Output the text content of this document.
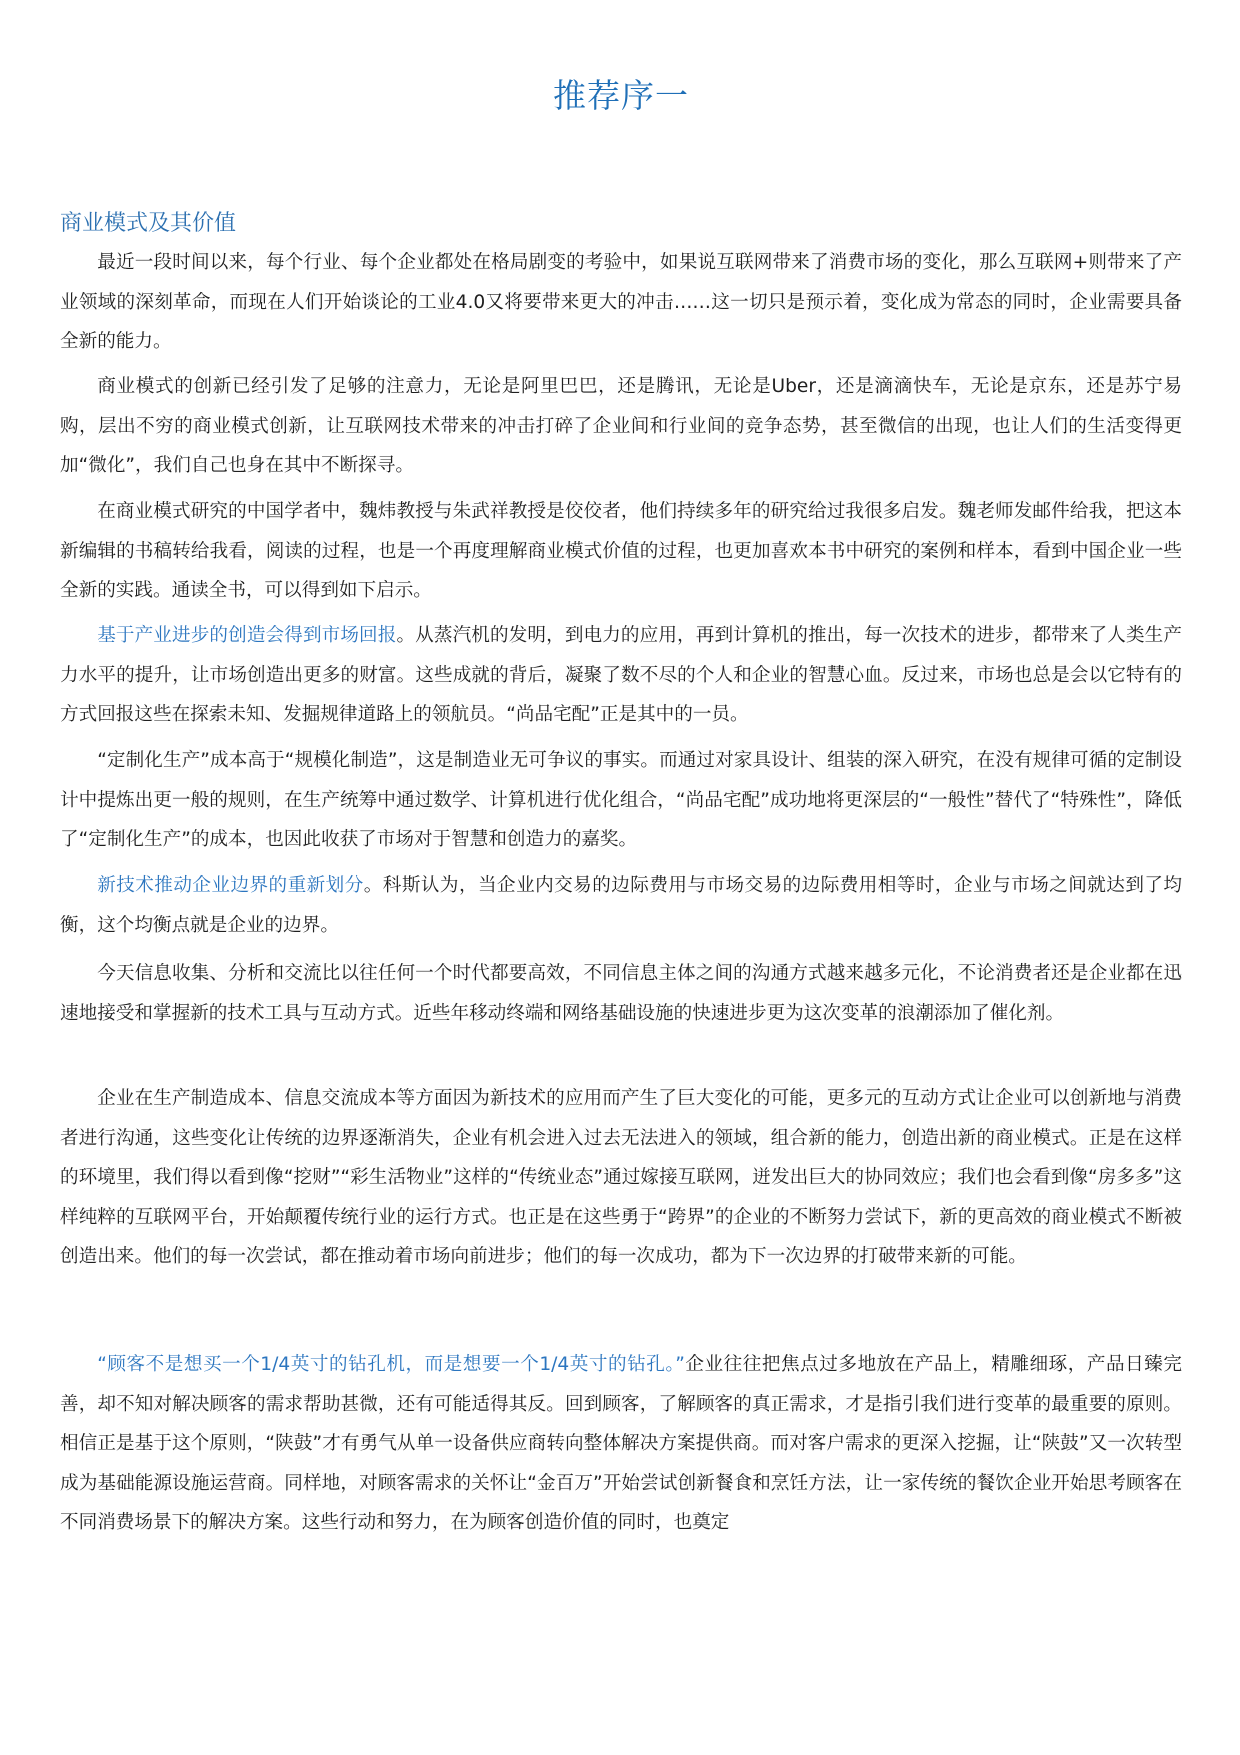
推荐序一
商业模式及其价值

最近一段时间以来，每个行业、每个企业都处在格局剧变的考验中，如果说互联网带来了消费市场的变化，那么互联网+则带来了产业领域的深刻革命，而现在人们开始谈论的工业4.0又将要带来更大的冲击……这一切只是预示着，变化成为常态的同时，企业需要具备全新的能力。

商业模式的创新已经引发了足够的注意力，无论是阿里巴巴，还是腾讯，无论是Uber，还是滴滴快车，无论是京东，还是苏宁易购，层出不穷的商业模式创新，让互联网技术带来的冲击打碎了企业间和行业间的竞争态势，甚至微信的出现，也让人们的生活变得更加“微化”，我们自己也身在其中不断探寻。

在商业模式研究的中国学者中，魏炜教授与朱武祥教授是佼佼者，他们持续多年的研究给过我很多启发。魏老师发邮件给我，把这本新编辑的书稿转给我看，阅读的过程，也是一个再度理解商业模式价值的过程，也更加喜欢本书中研究的案例和样本，看到中国企业一些全新的实践。通读全书，可以得到如下启示。

基于产业进步的创造会得到市场回报。从蒸汽机的发明，到电力的应用，再到计算机的推出，每一次技术的进步，都带来了人类生产力水平的提升，让市场创造出更多的财富。这些成就的背后，凝聚了数不尽的个人和企业的智慧心血。反过来，市场也总是会以它特有的方式回报这些在探索未知、发掘规律道路上的领航员。“尚品宅配”正是其中的一员。

“定制化生产”成本高于“规模化制造”，这是制造业无可争议的事实。而通过对家具设计、组装的深入研究，在没有规律可循的定制设计中提炼出更一般的规则，在生产统筹中通过数学、计算机进行优化组合，“尚品宅配”成功地将更深层的“一般性”替代了“特殊性”，降低了“定制化生产”的成本，也因此收获了市场对于智慧和创造力的嘉奖。

新技术推动企业边界的重新划分。科斯认为，当企业内交易的边际费用与市场交易的边际费用相等时，企业与市场之间就达到了均衡，这个均衡点就是企业的边界。

今天信息收集、分析和交流比以往任何一个时代都要高效，不同信息主体之间的沟通方式越来越多元化，不论消费者还是企业都在迅速地接受和掌握新的技术工具与互动方式。近些年移动终端和网络基础设施的快速进步更为这次变革的浪潮添加了催化剂。

企业在生产制造成本、信息交流成本等方面因为新技术的应用而产生了巨大变化的可能，更多元的互动方式让企业可以创新地与消费者进行沟通，这些变化让传统的边界逐渐消失，企业有机会进入过去无法进入的领域，组合新的能力，创造出新的商业模式。正是在这样的环境里，我们得以看到像“挖财”“彩生活物业”这样的“传统业态”通过嫁接互联网，迸发出巨大的协同效应；我们也会看到像“房多多”这样纯粹的互联网平台，开始颠覆传统行业的运行方式。也正是在这些勇于“跨界”的企业的不断努力尝试下，新的更高效的商业模式不断被创造出来。他们的每一次尝试，都在推动着市场向前进步；他们的每一次成功，都为下一次边界的打破带来新的可能。

“顾客不是想买一个1/4英寸的钻孔机，而是想要一个1/4英寸的钻孔。”企业往往把焦点过多地放在产品上，精雕细琢，产品日臻完善，却不知对解决顾客的需求帮助甚微，还有可能适得其反。回到顾客，了解顾客的真正需求，才是指引我们进行变革的最重要的原则。相信正是基于这个原则，“陕鼓”才有勇气从单一设备供应商转向整体解决方案提供商。而对客户需求的更深入挖掘，让“陕鼓”又一次转型成为基础能源设施运营商。同样地，对顾客需求的关怀让“金百万”开始尝试创新餐食和烹饪方法，让一家传统的餐饮企业开始思考顾客在不同消费场景下的解决方案。这些行动和努力，在为顾客创造价值的同时，也奠定
